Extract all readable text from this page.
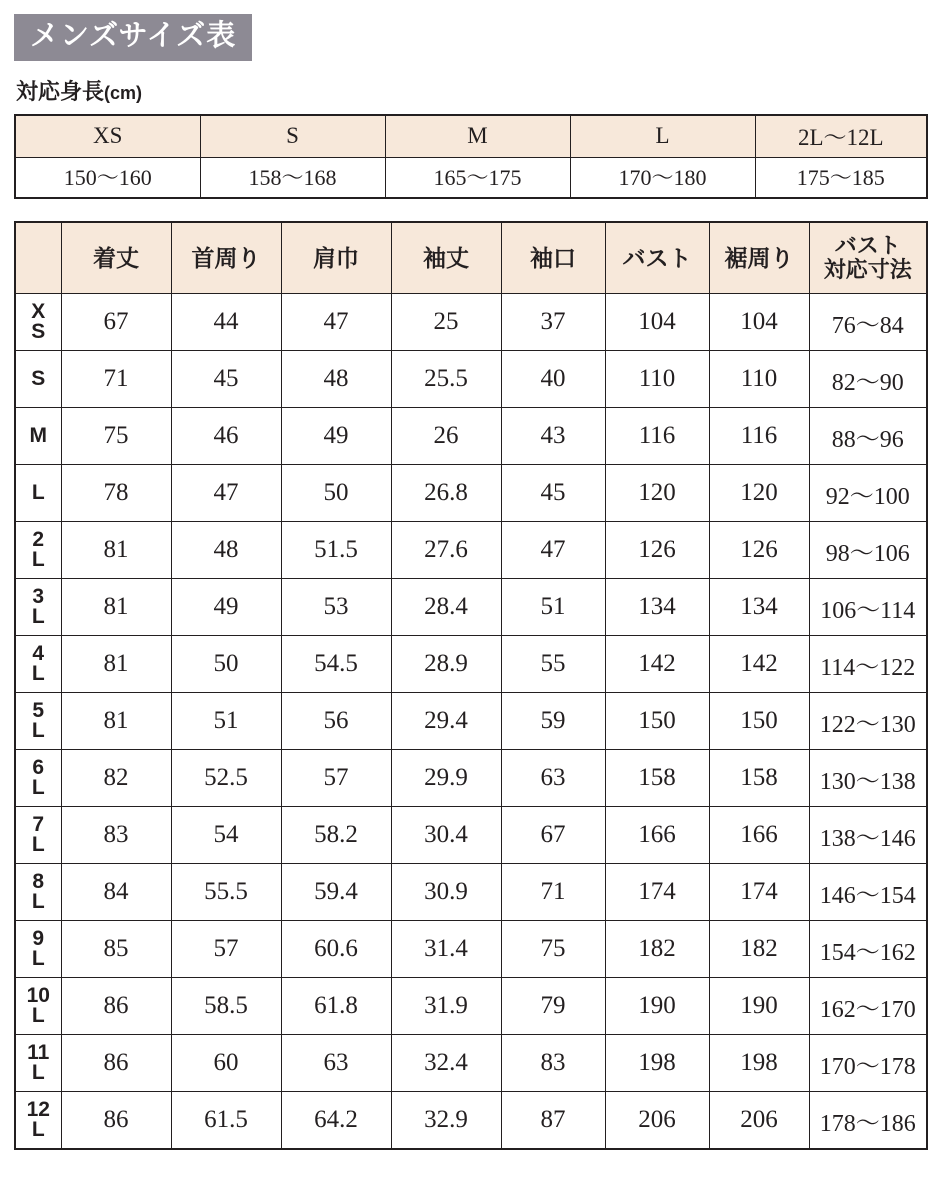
メンズサイズ表
対応身長(cm)
XS	S	M	L	2L〜12L
150〜160	158〜168	165〜175	170〜180	175〜185
	着丈	首周り	肩巾	袖丈	袖口	バスト	裾周り	バスト
対応寸法

X
S	67	44	47	25	37	104	104	76〜84

S	71	45	48	25.5	40	110	110	82〜90

M	75	46	49	26	43	116	116	88〜96

L	78	47	50	26.8	45	120	120	92〜100

2
L	81	48	51.5	27.6	47	126	126	98〜106

3
L	81	49	53	28.4	51	134	134	106〜114

4
L	81	50	54.5	28.9	55	142	142	114〜122

5
L	81	51	56	29.4	59	150	150	122〜130

6
L	82	52.5	57	29.9	63	158	158	130〜138

7
L	83	54	58.2	30.4	67	166	166	138〜146

8
L	84	55.5	59.4	30.9	71	174	174	146〜154

9
L	85	57	60.6	31.4	75	182	182	154〜162

10
L	86	58.5	61.8	31.9	79	190	190	162〜170

11
L	86	60	63	32.4	83	198	198	170〜178

12
L	86	61.5	64.2	32.9	87	206	206	178〜186
